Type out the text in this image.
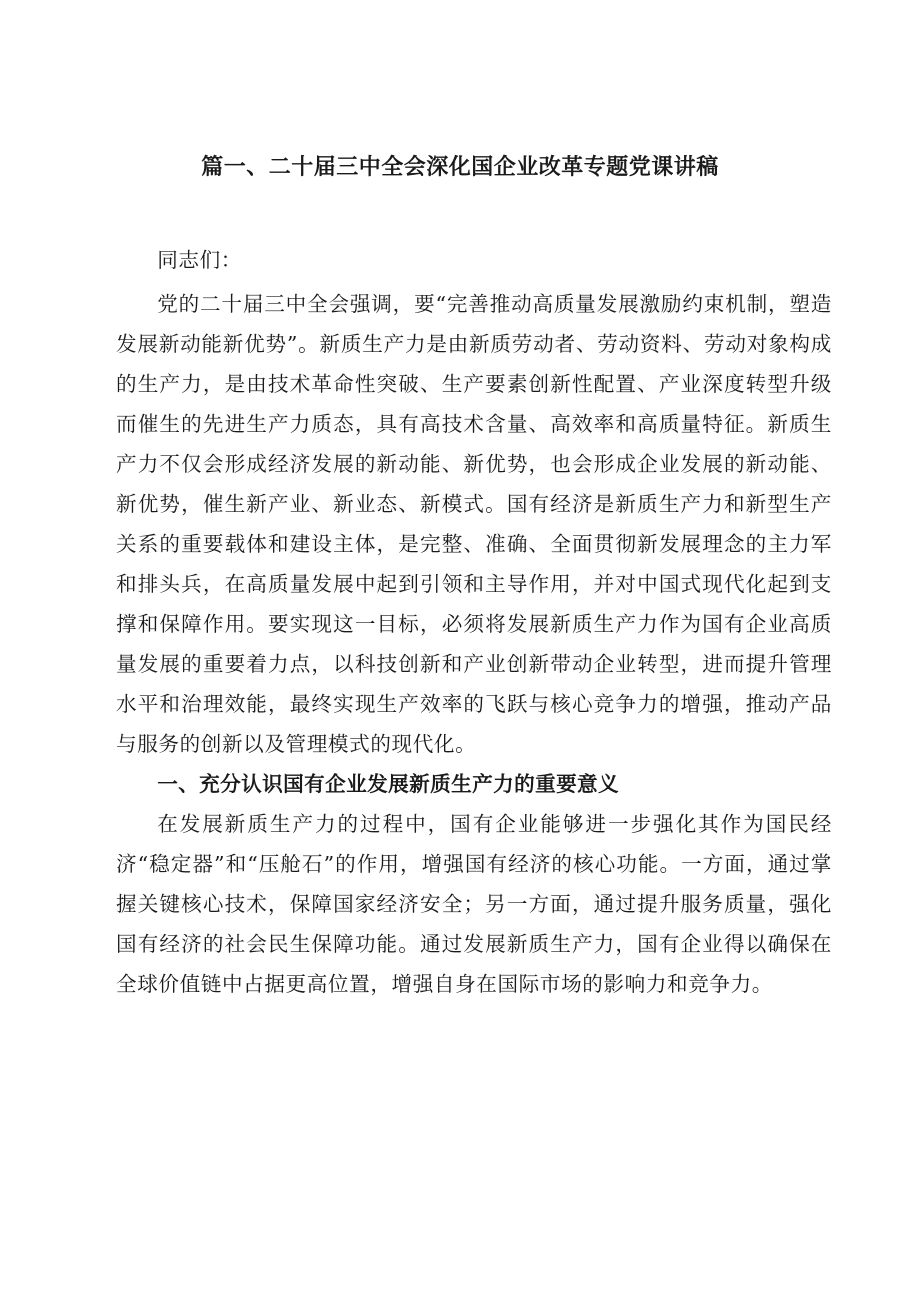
篇一、二十届三中全会深化国企业改革专题党课讲稿

同志们：

党的二十届三中全会强调，要“完善推动高质量发展激励约束机制，塑造发展新动能新优势”。新质生产力是由新质劳动者、劳动资料、劳动对象构成的生产力，是由技术革命性突破、生产要素创新性配置、产业深度转型升级而催生的先进生产力质态，具有高技术含量、高效率和高质量特征。新质生产力不仅会形成经济发展的新动能、新优势，也会形成企业发展的新动能、新优势，催生新产业、新业态、新模式。国有经济是新质生产力和新型生产关系的重要载体和建设主体，是完整、准确、全面贯彻新发展理念的主力军和排头兵，在高质量发展中起到引领和主导作用，并对中国式现代化起到支撑和保障作用。要实现这一目标，必须将发展新质生产力作为国有企业高质量发展的重要着力点，以科技创新和产业创新带动企业转型，进而提升管理水平和治理效能，最终实现生产效率的飞跃与核心竞争力的增强，推动产品与服务的创新以及管理模式的现代化。

一、充分认识国有企业发展新质生产力的重要意义

在发展新质生产力的过程中，国有企业能够进一步强化其作为国民经济“稳定器”和“压舱石”的作用，增强国有经济的核心功能。一方面，通过掌握关键核心技术，保障国家经济安全；另一方面，通过提升服务质量，强化国有经济的社会民生保障功能。通过发展新质生产力，国有企业得以确保在全球价值链中占据更高位置，增强自身在国际市场的影响力和竞争力。
